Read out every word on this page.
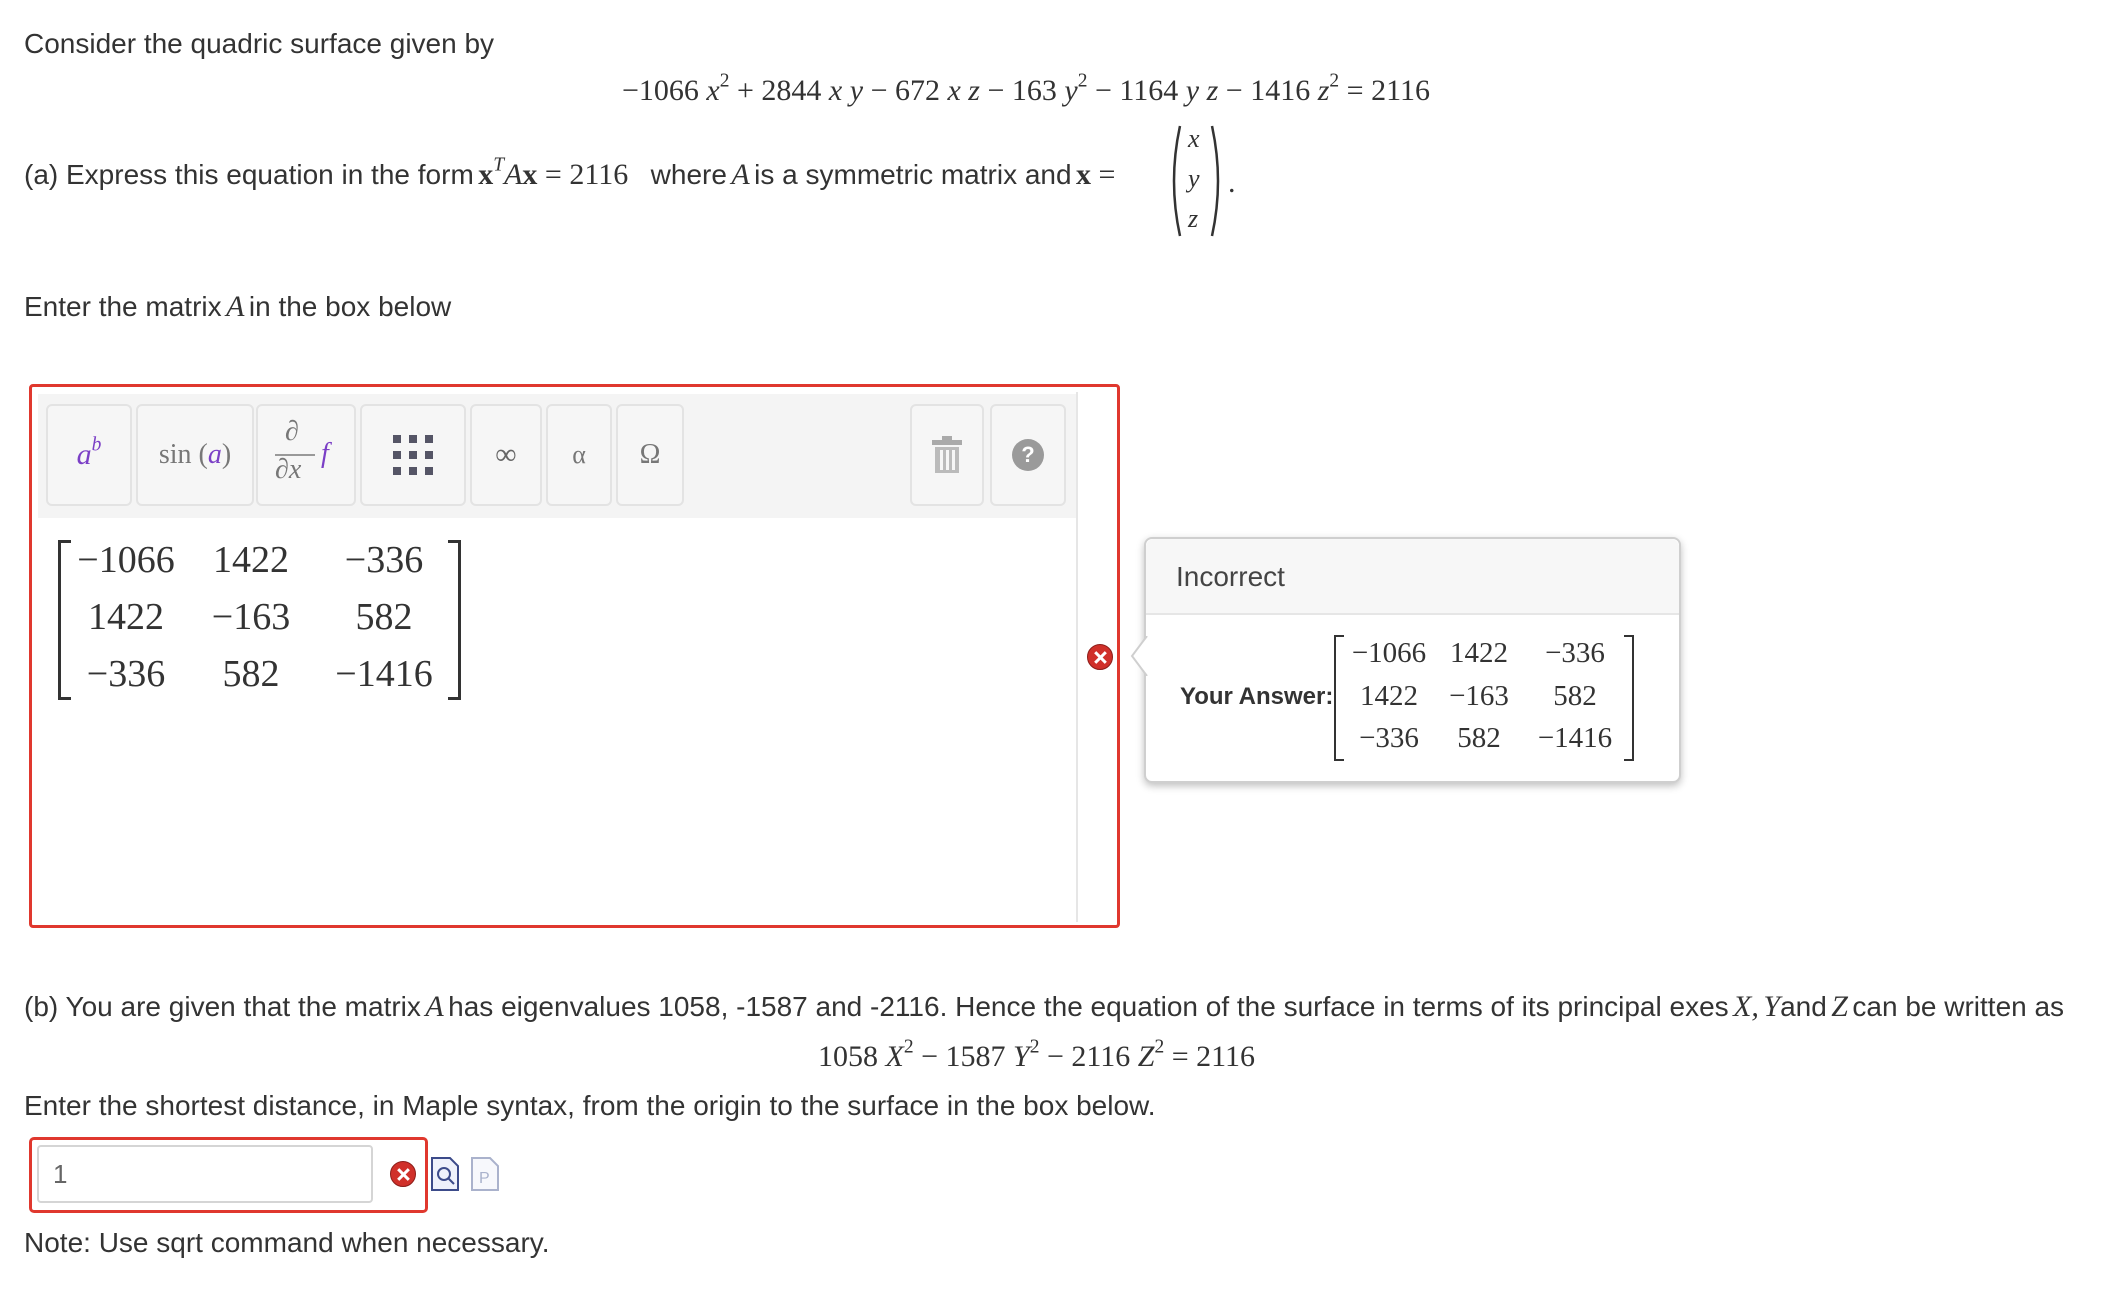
Consider the quadric surface given by
−1066 $x^2 + 2844$ x y − 672 x z − 163 $y^2 - 1164$ y z − 1416 $z^2 = 2116$
(a) Express this equation in the form $x^TAx = 2116$ where A is a symmetric matrix and x =
x
y
z
.
Enter the matrix A in the box below
$a^b$ sin (a)
∂
∂x
f	∞ α Ω	?
−1066	1422	−336
1422	−163	582
−336	582	−1416
Incorrect
Your Answer:
−1066 1422	−336
1422	−163	582
−336	582	−1416
(b) You are given that the matrix A has eigenvalues 1058, -1587 and -2116. Hence the equation of the surface in terms of its principal exes X, Yand Z can be written as
1058 $X^2 - 1587$ $Y^2 - 2116$ $Z^2 = 2116$
Enter the shortest distance, in Maple syntax, from the origin to the surface in the box below.
1
P
Note: Use sqrt command when necessary.
